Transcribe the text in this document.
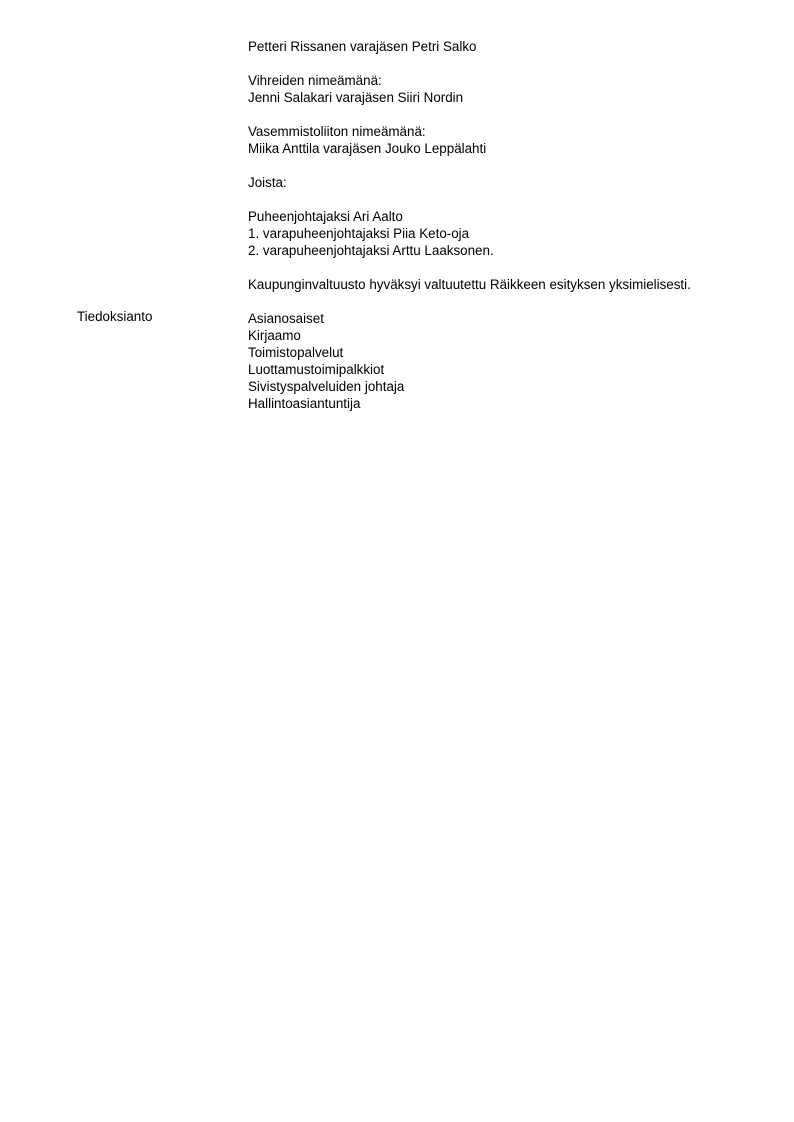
Petteri Rissanen varajäsen Petri Salko
Vihreiden nimeämänä:
Jenni Salakari varajäsen Siiri Nordin
Vasemmistoliiton nimeämänä:
Miika Anttila varajäsen Jouko Leppälahti
Joista:
Puheenjohtajaksi Ari Aalto
1. varapuheenjohtajaksi Piia Keto-oja
2. varapuheenjohtajaksi Arttu Laaksonen.
Kaupunginvaltuusto hyväksyi valtuutettu Räikkeen esityksen yksimielisesti.
Asianosaiset
Kirjaamo
Toimistopalvelut
Luottamustoimipalkkiot
Sivistyspalveluiden johtaja
Hallintoasiantuntija
Tiedoksianto
